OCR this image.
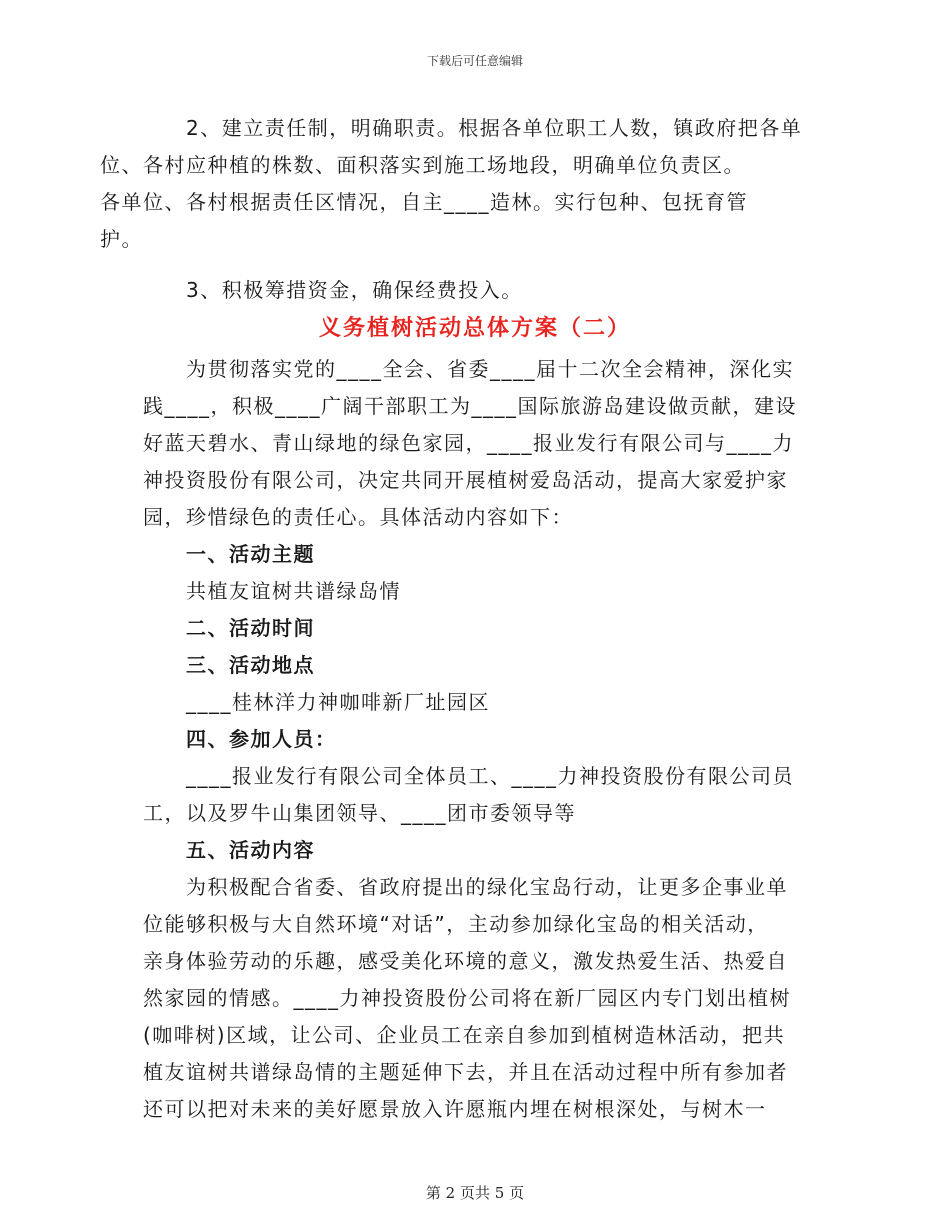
下载后可任意编辑
2、建立责任制，明确职责。根据各单位职工人数，镇政府把各单
位、各村应种植的株数、面积落实到施工场地段，明确单位负责区。
各单位、各村根据责任区情况，自主____造林。实行包种、包抚育管
护。
3、积极筹措资金，确保经费投入。
义务植树活动总体方案（二）
为贯彻落实党的____全会、省委____届十二次全会精神，深化实
践____，积极____广阔干部职工为____国际旅游岛建设做贡献，建设
好蓝天碧水、青山绿地的绿色家园，____报业发行有限公司与____力
神投资股份有限公司，决定共同开展植树爱岛活动，提高大家爱护家
园，珍惜绿色的责任心。具体活动内容如下：
一、活动主题
共植友谊树共谱绿岛情
二、活动时间
三、活动地点
____桂林洋力神咖啡新厂址园区
四、参加人员：
____报业发行有限公司全体员工、____力神投资股份有限公司员
工，以及罗牛山集团领导、____团市委领导等
五、活动内容
为积极配合省委、省政府提出的绿化宝岛行动，让更多企事业单
位能够积极与大自然环境“对话”，主动参加绿化宝岛的相关活动，
亲身体验劳动的乐趣，感受美化环境的意义，激发热爱生活、热爱自
然家园的情感。____力神投资股份公司将在新厂园区内专门划出植树
(咖啡树)区域，让公司、企业员工在亲自参加到植树造林活动，把共
植友谊树共谱绿岛情的主题延伸下去，并且在活动过程中所有参加者
还可以把对未来的美好愿景放入许愿瓶内埋在树根深处，与树木一
第 2 页共 5 页
